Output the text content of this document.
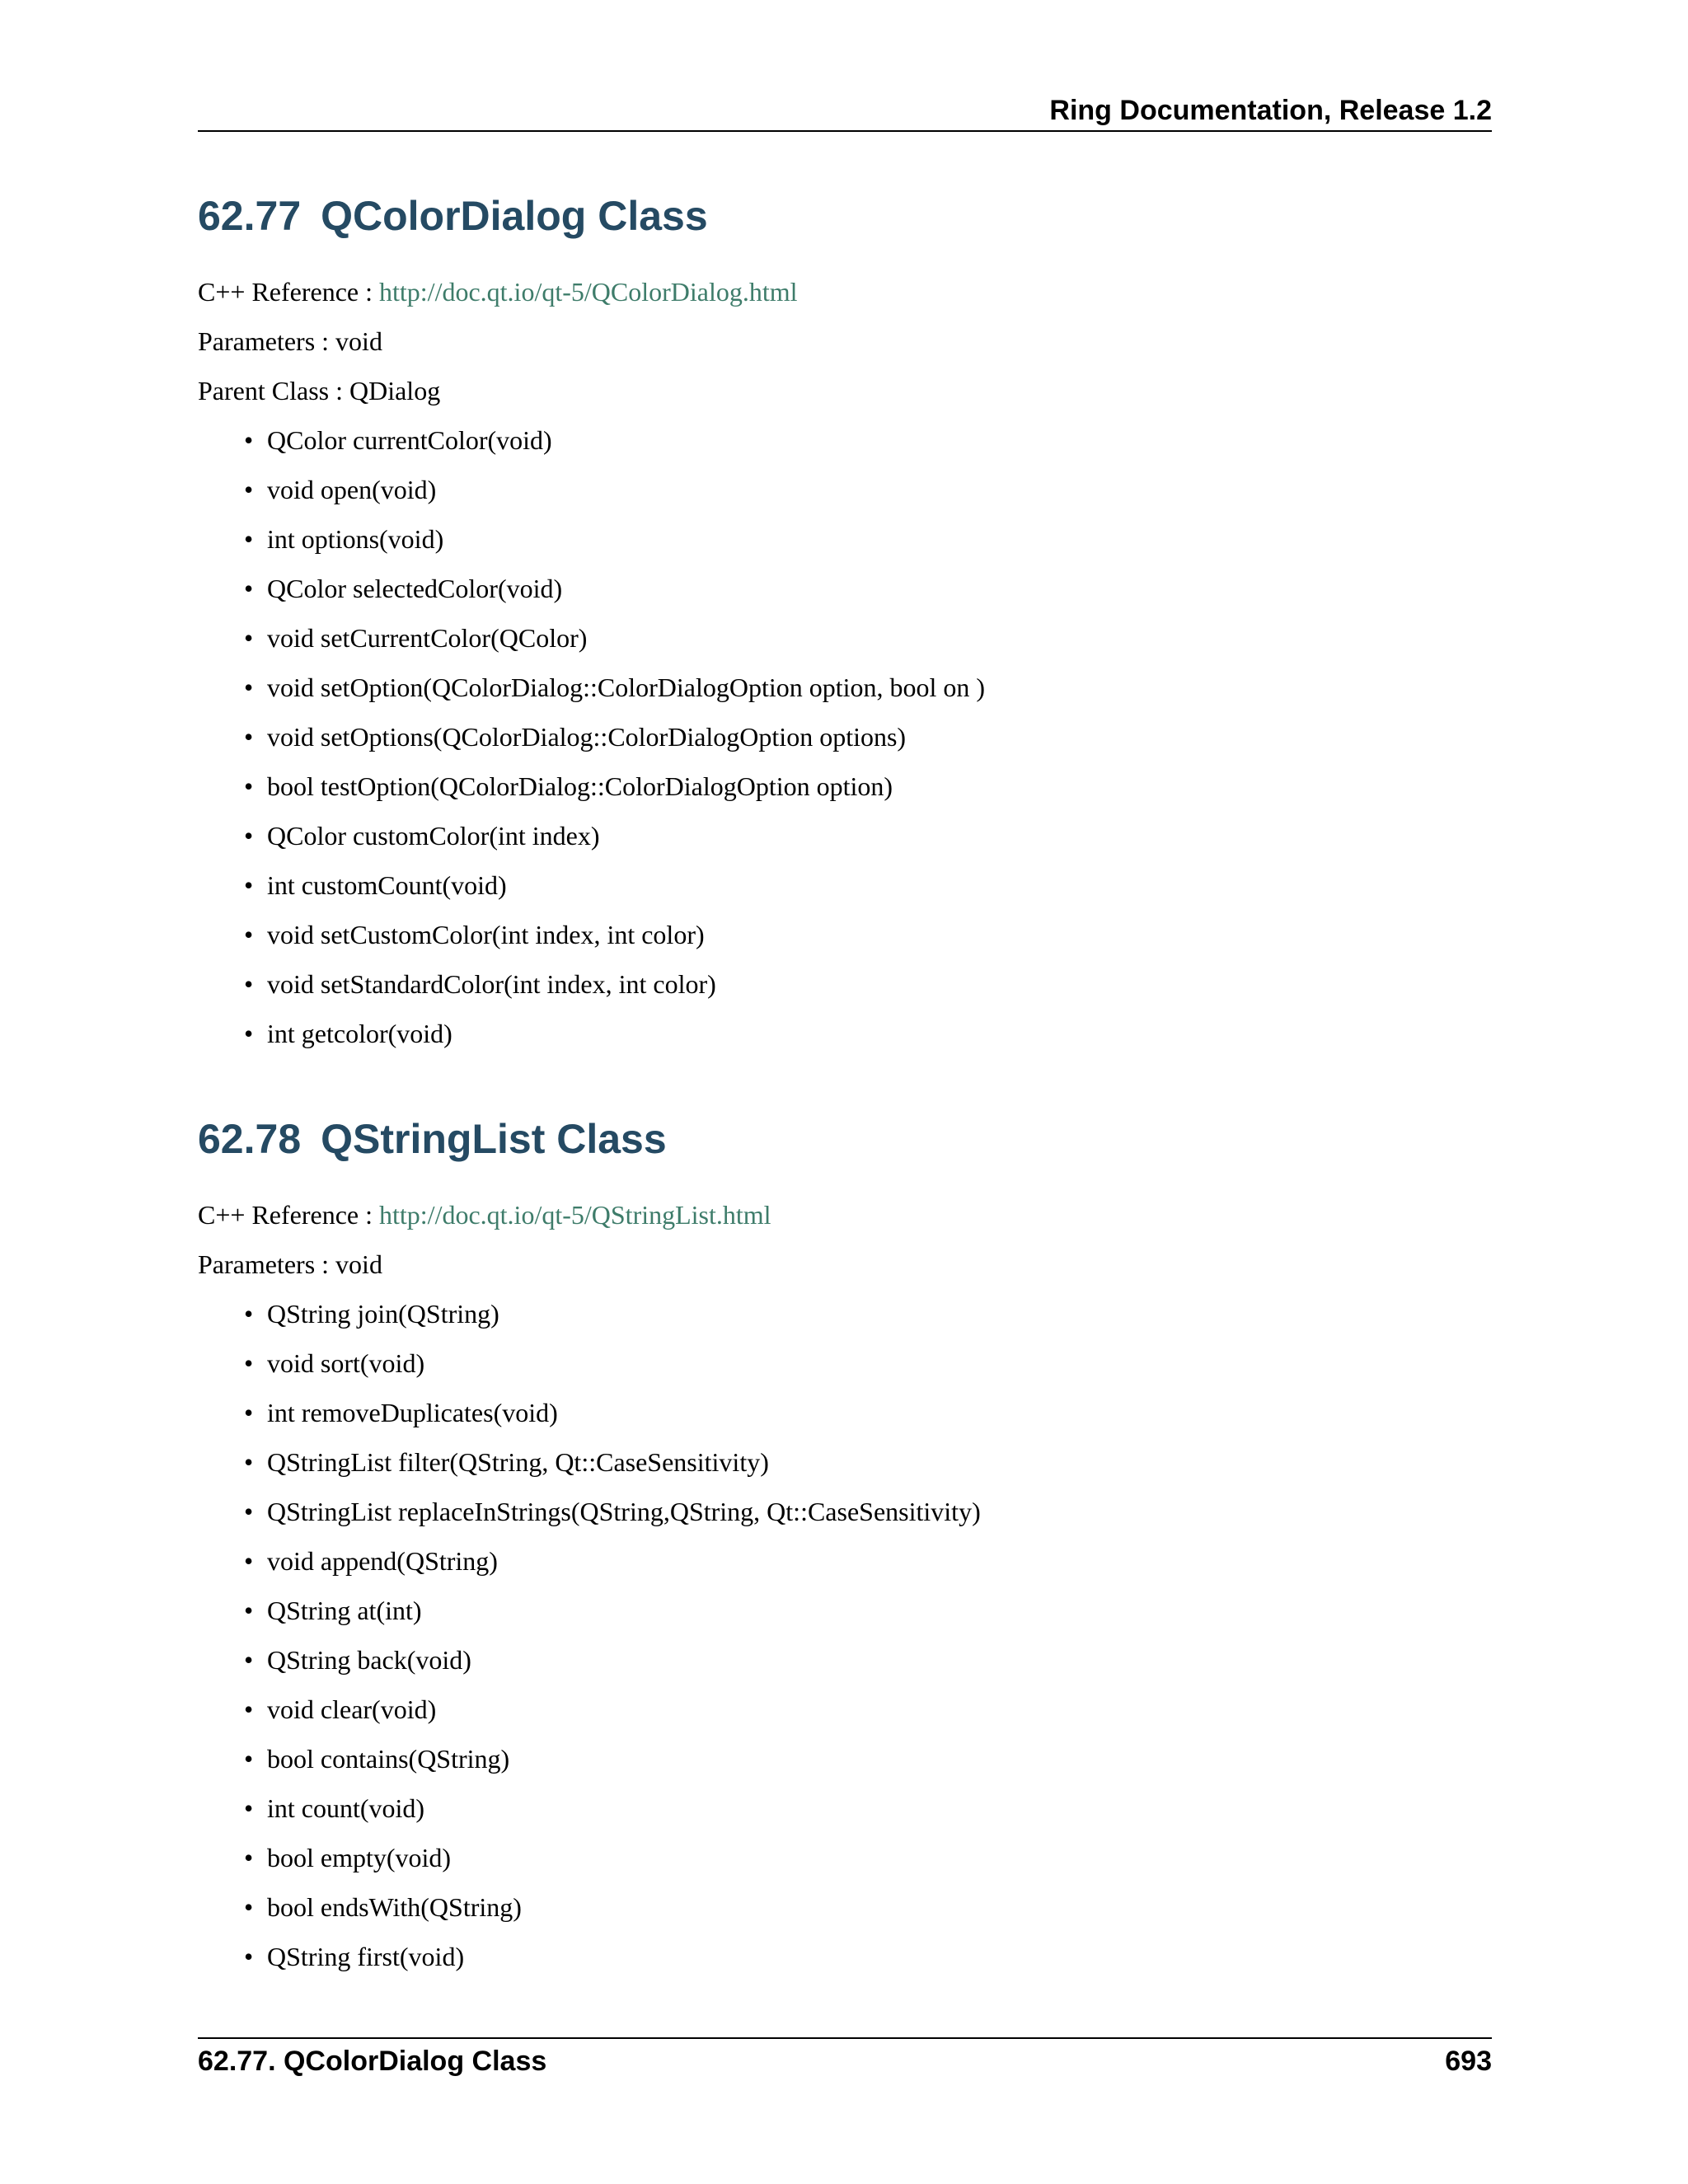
Ring Documentation, Release 1.2
62.77 QColorDialog Class
C++ Reference : http://doc.qt.io/qt-5/QColorDialog.html
Parameters : void
Parent Class : QDialog
• QColor currentColor(void)
• void open(void)
• int options(void)
• QColor selectedColor(void)
• void setCurrentColor(QColor)
• void setOption(QColorDialog::ColorDialogOption option, bool on )
• void setOptions(QColorDialog::ColorDialogOption options)
• bool testOption(QColorDialog::ColorDialogOption option)
• QColor customColor(int index)
• int customCount(void)
• void setCustomColor(int index, int color)
• void setStandardColor(int index, int color)
• int getcolor(void)
62.78 QStringList Class
C++ Reference : http://doc.qt.io/qt-5/QStringList.html
Parameters : void
• QString join(QString)
• void sort(void)
• int removeDuplicates(void)
• QStringList filter(QString, Qt::CaseSensitivity)
• QStringList replaceInStrings(QString,QString, Qt::CaseSensitivity)
• void append(QString)
• QString at(int)
• QString back(void)
• void clear(void)
• bool contains(QString)
• int count(void)
• bool empty(void)
• bool endsWith(QString)
• QString first(void)
62.77. QColorDialog Class	693
